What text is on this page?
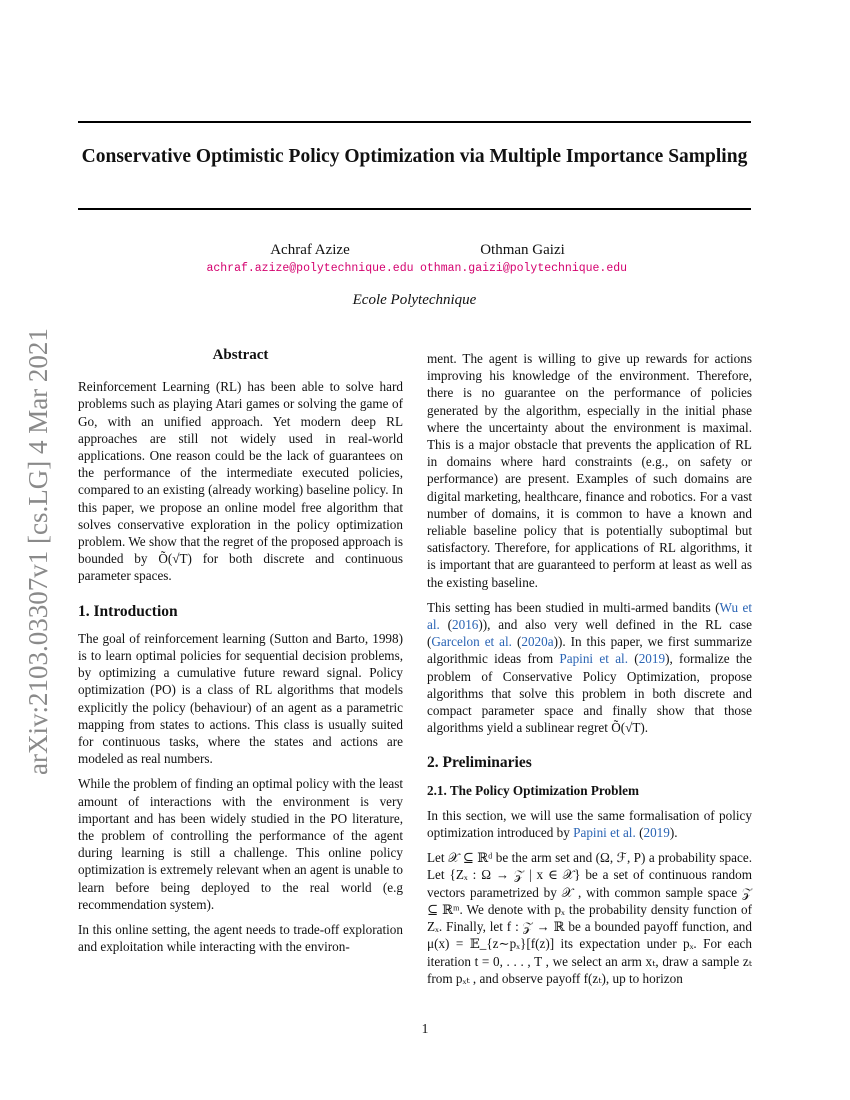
arXiv:2103.03307v1 [cs.LG] 4 Mar 2021
Conservative Optimistic Policy Optimization via Multiple Importance Sampling
Achraf Azize
achraf.azize@polytechnique.edu
Othman Gaizi
othman.gaizi@polytechnique.edu
Ecole Polytechnique
Abstract

Reinforcement Learning (RL) has been able to solve hard problems such as playing Atari games or solving the game of Go, with an unified approach. Yet modern deep RL approaches are still not widely used in real-world applications. One reason could be the lack of guarantees on the performance of the intermediate executed policies, compared to an existing (already working) baseline policy. In this paper, we propose an online model free algorithm that solves conservative exploration in the policy optimization problem. We show that the regret of the proposed approach is bounded by Õ(√T) for both discrete and continuous parameter spaces.

1. Introduction

The goal of reinforcement learning (Sutton and Barto, 1998) is to learn optimal policies for sequential decision problems, by optimizing a cumulative future reward signal. Policy optimization (PO) is a class of RL algorithms that models explicitly the policy (behaviour) of an agent as a parametric mapping from states to actions. This class is usually suited for continuous tasks, where the states and actions are modeled as real numbers.

While the problem of finding an optimal policy with the least amount of interactions with the environment is very important and has been widely studied in the PO literature, the problem of controlling the performance of the agent during learning is still a challenge. This online policy optimization is extremely relevant when an agent is unable to learn before being deployed to the real world (e.g recommendation system).

In this online setting, the agent needs to trade-off exploration and exploitation while interacting with the environ-

ment. The agent is willing to give up rewards for actions improving his knowledge of the environment. Therefore, there is no guarantee on the performance of policies generated by the algorithm, especially in the initial phase where the uncertainty about the environment is maximal. This is a major obstacle that prevents the application of RL in domains where hard constraints (e.g., on safety or performance) are present. Examples of such domains are digital marketing, healthcare, finance and robotics. For a vast number of domains, it is common to have a known and reliable baseline policy that is potentially suboptimal but satisfactory. Therefore, for applications of RL algorithms, it is important that are guaranteed to perform at least as well as the existing baseline.

This setting has been studied in multi-armed bandits (Wu et al. (2016)), and also very well defined in the RL case (Garcelon et al. (2020a)). In this paper, we first summarize algorithmic ideas from Papini et al. (2019), formalize the problem of Conservative Policy Optimization, propose algorithms that solve this problem in both discrete and compact parameter space and finally show that those algorithms yield a sublinear regret Õ(√T).

2. Preliminaries
2.1. The Policy Optimization Problem

In this section, we will use the same formalisation of policy optimization introduced by Papini et al. (2019).

Let 𝒳 ⊆ ℝᵈ be the arm set and (Ω, ℱ, P) a probability space. Let {Zₓ : Ω → 𝒵 | x ∈ 𝒳} be a set of continuous random vectors parametrized by 𝒳 , with common sample space 𝒵 ⊆ ℝᵐ. We denote with pₓ the probability density function of Zₓ. Finally, let f : 𝒵 → ℝ be a bounded payoff function, and μ(x) = 𝔼_{z∼pₓ}[f(z)] its expectation under pₓ. For each iteration t = 0, . . . , T , we select an arm xₜ, draw a sample zₜ from pₓₜ , and observe payoff f(zₜ), up to horizon

1
